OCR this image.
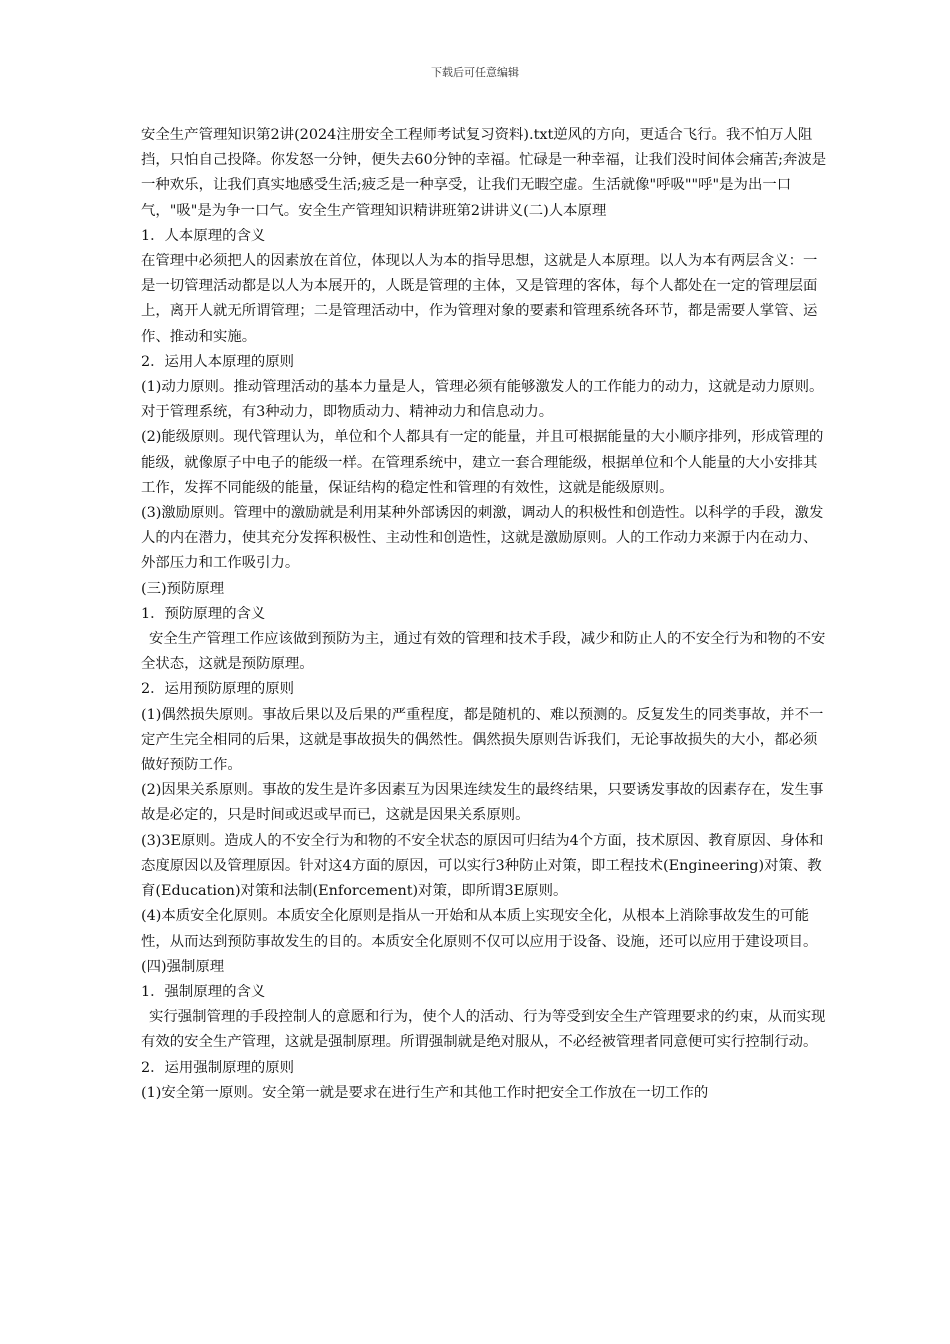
下载后可任意编辑

安全生产管理知识第2讲(2024注册安全工程师考试复习资料).txt逆风的方向，更适合飞行。我不怕万人阻挡，只怕自己投降。你发怒一分钟，便失去60分钟的幸福。忙碌是一种幸福，让我们没时间体会痛苦;奔波是一种欢乐，让我们真实地感受生活;疲乏是一种享受，让我们无暇空虚。生活就像"呼吸""呼"是为出一口气，"吸"是为争一口气。安全生产管理知识精讲班第2讲讲义(二)人本原理

1．人本原理的含义

在管理中必须把人的因素放在首位，体现以人为本的指导思想，这就是人本原理。以人为本有两层含义：一是一切管理活动都是以人为本展开的，人既是管理的主体，又是管理的客体，每个人都处在一定的管理层面上，离开人就无所谓管理；二是管理活动中，作为管理对象的要素和管理系统各环节，都是需要人掌管、运作、推动和实施。

2．运用人本原理的原则

(1)动力原则。推动管理活动的基本力量是人，管理必须有能够激发人的工作能力的动力，这就是动力原则。对于管理系统，有3种动力，即物质动力、精神动力和信息动力。

(2)能级原则。现代管理认为，单位和个人都具有一定的能量，并且可根据能量的大小顺序排列，形成管理的能级，就像原子中电子的能级一样。在管理系统中，建立一套合理能级，根据单位和个人能量的大小安排其工作，发挥不同能级的能量，保证结构的稳定性和管理的有效性，这就是能级原则。

(3)激励原则。管理中的激励就是利用某种外部诱因的刺激，调动人的积极性和创造性。以科学的手段，激发人的内在潜力，使其充分发挥积极性、主动性和创造性，这就是激励原则。人的工作动力来源于内在动力、外部压力和工作吸引力。

(三)预防原理

1．预防原理的含义

安全生产管理工作应该做到预防为主，通过有效的管理和技术手段，减少和防止人的不安全行为和物的不安全状态，这就是预防原理。

2．运用预防原理的原则

(1)偶然损失原则。事故后果以及后果的严重程度，都是随机的、难以预测的。反复发生的同类事故，并不一定产生完全相同的后果，这就是事故损失的偶然性。偶然损失原则告诉我们，无论事故损失的大小，都必须做好预防工作。

(2)因果关系原则。事故的发生是许多因素互为因果连续发生的最终结果，只要诱发事故的因素存在，发生事故是必定的，只是时间或迟或早而已，这就是因果关系原则。

(3)3E原则。造成人的不安全行为和物的不安全状态的原因可归结为4个方面，技术原因、教育原因、身体和态度原因以及管理原因。针对这4方面的原因，可以实行3种防止对策，即工程技术(Engineering)对策、教育(Education)对策和法制(Enforcement)对策，即所谓3E原则。

(4)本质安全化原则。本质安全化原则是指从一开始和从本质上实现安全化，从根本上消除事故发生的可能性，从而达到预防事故发生的目的。本质安全化原则不仅可以应用于设备、设施，还可以应用于建设项目。

(四)强制原理

1．强制原理的含义

实行强制管理的手段控制人的意愿和行为，使个人的活动、行为等受到安全生产管理要求的约束，从而实现有效的安全生产管理，这就是强制原理。所谓强制就是绝对服从，不必经被管理者同意便可实行控制行动。

2．运用强制原理的原则

(1)安全第一原则。安全第一就是要求在进行生产和其他工作时把安全工作放在一切工作的
